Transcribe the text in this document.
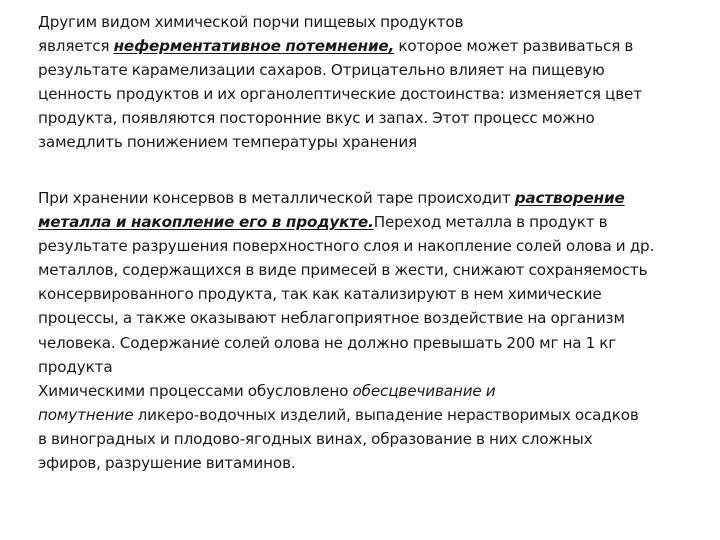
Другим видом химической порчи пищевых продуктов
является неферментативное потемнение, которое может развиваться в
результате карамелизации сахаров. Отрицательно влияет на пищевую
ценность продуктов и их органолептические достоинства: изменяется цвет
продукта, появляются посторонние вкус и запах. Этот процесс можно
замедлить понижением температуры хранения
При хранении консервов в металлической таре происходит растворение
металла и накопление его в продукте.Переход металла в продукт в
результате разрушения поверхностного слоя и накопление солей олова и др.
металлов, содержащихся в виде примесей в жести, снижают сохраняемость
консервированного продукта, так как катализируют в нем химические
процессы, а также оказывают неблагоприятное воздействие на организм
человека. Содержание солей олова не должно превышать 200 мг на 1 кг
продукта
Химическими процессами обусловлено обесцвечивание и
помутнение ликеро-водочных изделий, выпадение нерастворимых осадков
в виноградных и плодово-ягодных винах, образование в них сложных
эфиров, разрушение витаминов.
